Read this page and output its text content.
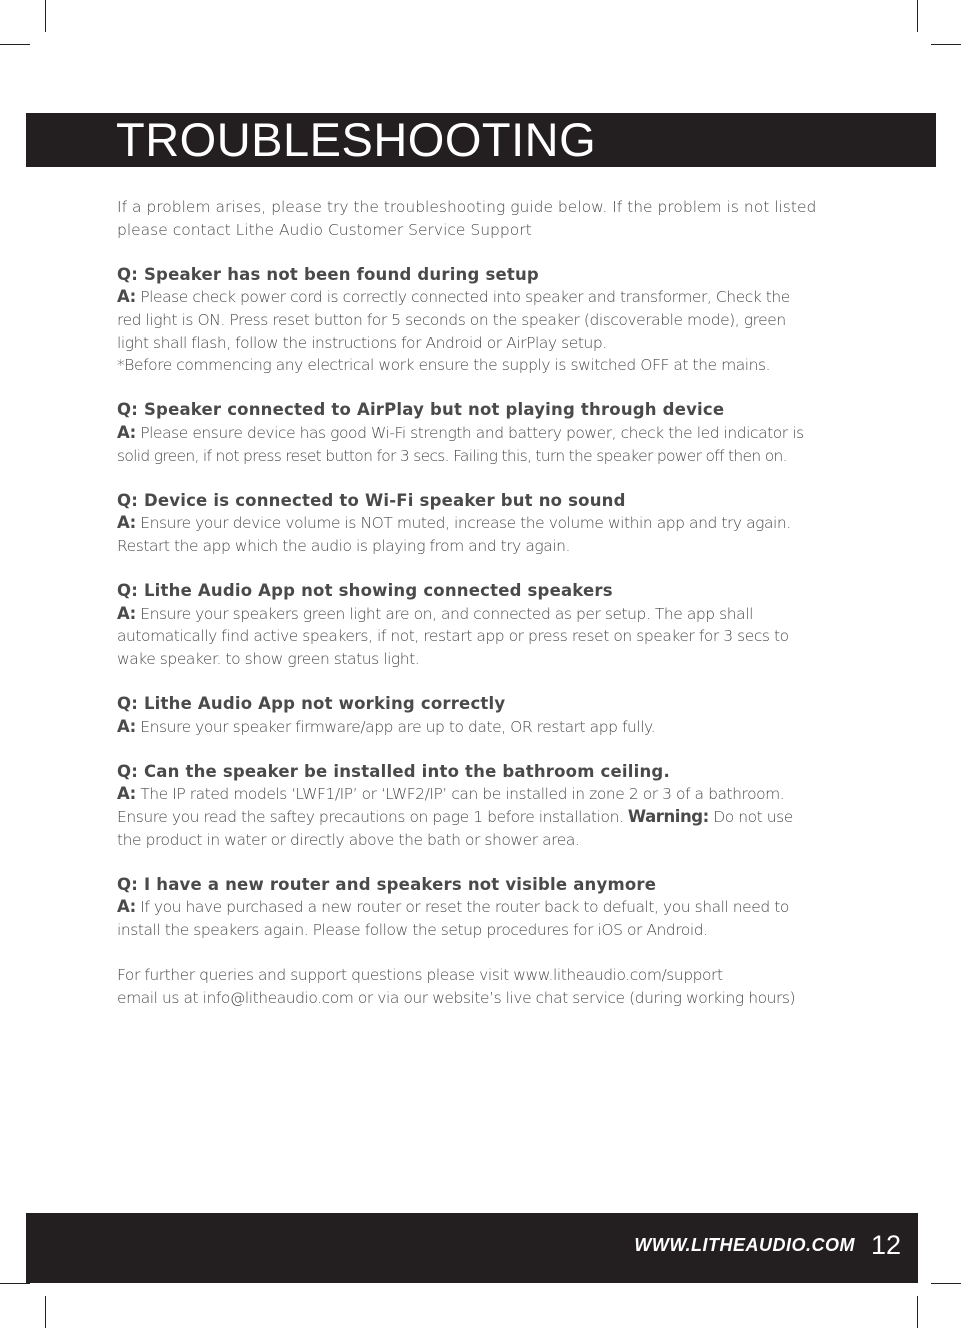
TROUBLESHOOTING

If a problem arises, please try the troubleshooting guide below. If the problem is not listed

please contact Lithe Audio Customer Service Support

Q: Speaker has not been found during setup

A: Please check power cord is correctly connected into speaker and transformer, Check the

red light is ON. Press reset button for 5 seconds on the speaker (discoverable mode), green

light shall flash, follow the instructions for Android or AirPlay setup.

*Before commencing any electrical work ensure the supply is switched OFF at the mains.

Q: Speaker connected to AirPlay but not playing through device

A: Please ensure device has good Wi-Fi strength and battery power, check the led indicator is

solid green, if not press reset button for 3 secs. Failing this, turn the speaker power off then on.

Q: Device is connected to Wi-Fi speaker but no sound

A: Ensure your device volume is NOT muted, increase the volume within app and try again.

Restart the app which the audio is playing from and try again.

Q: Lithe Audio App not showing connected speakers

A: Ensure your speakers green light are on, and connected as per setup. The app shall

automatically find active speakers, if not, restart app or press reset on speaker for 3 secs to

wake speaker. to show green status light.

Q: Lithe Audio App not working correctly

A: Ensure your speaker firmware/app are up to date, OR restart app fully.

Q: Can the speaker be installed into the bathroom ceiling.

A: The IP rated models ‘LWF1/IP’ or ‘LWF2/IP’ can be installed in zone 2 or 3 of a bathroom.

Ensure you read the saftey precautions on page 1 before installation. Warning: Do not use

the product in water or directly above the bath or shower area.

Q: I have a new router and speakers not visible anymore

A: If you have purchased a new router or reset the router back to defualt, you shall need to

install the speakers again. Please follow the setup procedures for iOS or Android.

For further queries and support questions please visit www.litheaudio.com/support

email us at info@litheaudio.com or via our website’s live chat service (during working hours)

WWW.LITHEAUDIO.COM 12
